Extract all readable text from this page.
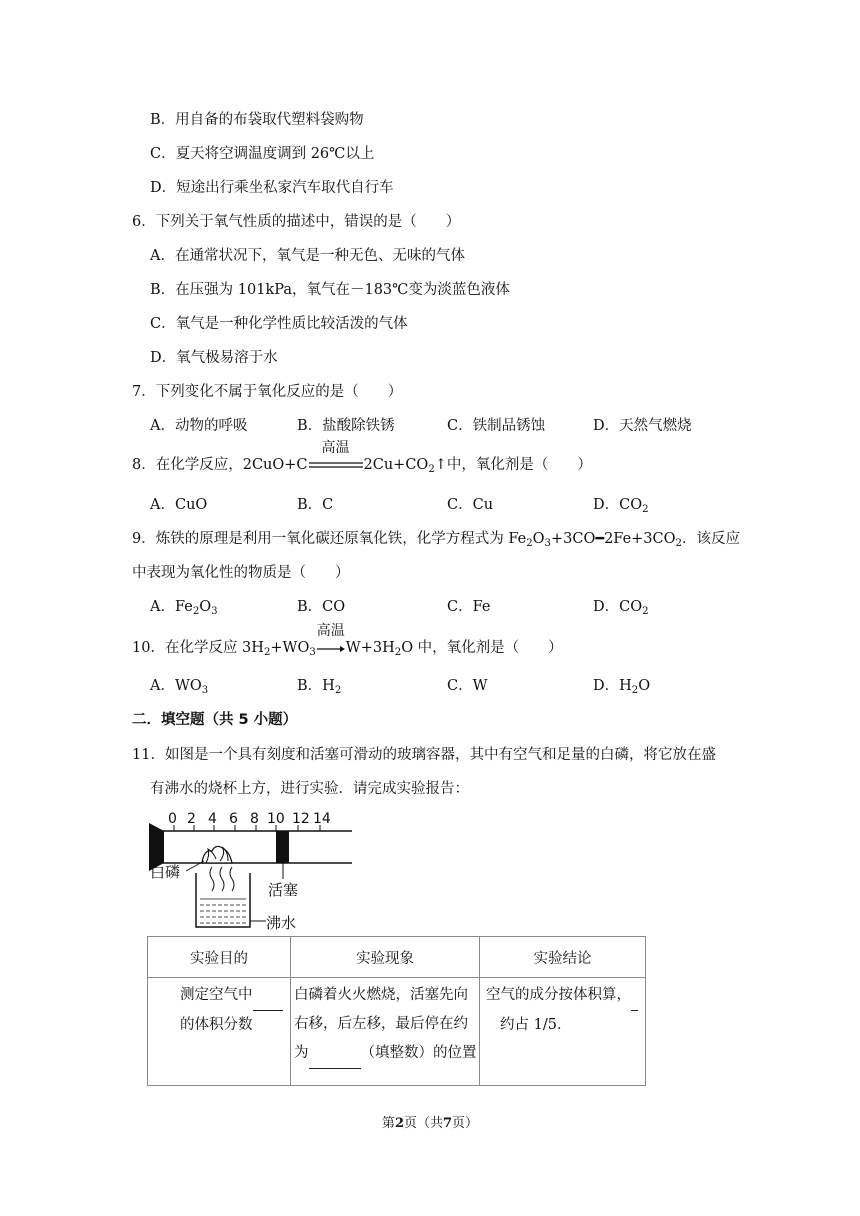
B．用自备的布袋取代塑料袋购物
C．夏天将空调温度调到 26℃以上
D．短途出行乘坐私家汽车取代自行车
6．下列关于氧气性质的描述中，错误的是（　　）
A．在通常状况下，氧气是一种无色、无味的气体
B．在压强为 101kPa，氧气在－183℃变为淡蓝色液体
C．氧气是一种化学性质比较活泼的气体
D．氧气极易溶于水
7．下列变化不属于氧化反应的是（　　）
A．动物的呼吸	B．盐酸除铁锈	C．铁制品锈蚀	D．天然气燃烧
8．在化学反应，2CuO+C
高温
$2Cu+CO_2↑$中，氧化剂是（　　）
A．CuO	B．C	C．Cu	D．$CO_2$
9．炼铁的原理是利用一氧化碳还原氧化铁，化学方程式为 $Fe_2O_3+3CO━2Fe+3CO_2$．该反应
中表现为氧化性的物质是（　　）
A．$Fe_2O_3$	B．CO	C．Fe	D．$CO_2$
10．在化学反应 $3H_2+WO_3$
高温
$W+3H_2O$ 中，氧化剂是（　　）
A．$WO_3$	B．$H_2$	C．W	D．$H_2O$
二．填空题（共 5 小题）
11．如图是一个具有刻度和活塞可滑动的玻璃容器，其中有空气和足量的白磷，将它放在盛
有沸水的烧杯上方，进行实验．请完成实验报告：
0 2 4 6 8 10 12 14
白磷
活塞
沸水
实验目的	实验现象	实验结论

测定空气中
的体积分数	白磷着火火燃烧，活塞先向
右移，后左移，最后停在约
为 （填整数）的位置	空气的成分按体积算，
约占 1/5．
第2页（共7页）
